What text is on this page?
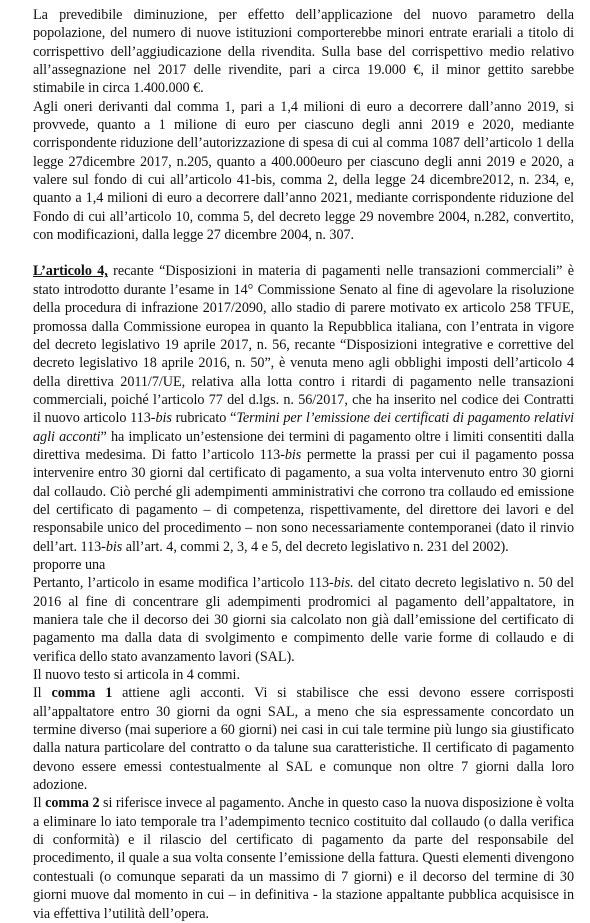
La prevedibile diminuzione, per effetto dell’applicazione del nuovo parametro della popolazione, del numero di nuove istituzioni comporterebbe minori entrate erariali a titolo di corrispettivo dell’aggiudicazione della rivendita. Sulla base del corrispettivo medio relativo all’assegnazione nel 2017 delle rivendite, pari a circa 19.000 €, il minor gettito sarebbe stimabile in circa 1.400.000 €.

Agli oneri derivanti dal comma 1, pari a 1,4 milioni di euro a decorrere dall’anno 2019, si provvede, quanto a 1 milione di euro per ciascuno degli anni 2019 e 2020, mediante corrispondente riduzione dell’autorizzazione di spesa di cui al comma 1087 dell’articolo 1 della legge 27dicembre 2017, n.205, quanto a 400.000euro per ciascuno degli anni 2019 e 2020, a valere sul fondo di cui all’articolo 41-bis, comma 2, della legge 24 dicembre2012, n. 234, e, quanto a 1,4 milioni di euro a decorrere dall’anno 2021, mediante corrispondente riduzione del Fondo di cui all’articolo 10, comma 5, del decreto legge 29 novembre 2004, n.282, convertito, con modificazioni, dalla legge 27 dicembre 2004, n. 307.

L’articolo 4, recante “Disposizioni in materia di pagamenti nelle transazioni commerciali” è stato introdotto durante l’esame in 14° Commissione Senato al fine di agevolare la risoluzione della procedura di infrazione 2017/2090, allo stadio di parere motivato ex articolo 258 TFUE, promossa dalla Commissione europea in quanto la Repubblica italiana, con l’entrata in vigore del decreto legislativo 19 aprile 2017, n. 56, recante “Disposizioni integrative e correttive del decreto legislativo 18 aprile 2016, n. 50”, è venuta meno agli obblighi imposti dell’articolo 4 della direttiva 2011/7/UE, relativa alla lotta contro i ritardi di pagamento nelle transazioni commerciali, poiché l’articolo 77 del d.lgs. n. 56/2017, che ha inserito nel codice dei Contratti il nuovo articolo 113-bis rubricato “Termini per l’emissione dei certificati di pagamento relativi agli acconti” ha implicato un’estensione dei termini di pagamento oltre i limiti consentiti dalla direttiva medesima. Di fatto l’articolo 113-bis permette la prassi per cui il pagamento possa intervenire entro 30 giorni dal certificato di pagamento, a sua volta intervenuto entro 30 giorni dal collaudo. Ciò perché gli adempimenti amministrativi che corrono tra collaudo ed emissione del certificato di pagamento – di competenza, rispettivamente, del direttore dei lavori e del responsabile unico del procedimento – non sono necessariamente contemporanei (dato il rinvio dell’art. 113-bis all’art. 4, commi 2, 3, 4 e 5, del decreto legislativo n. 231 del 2002).

proporre una

Pertanto, l’articolo in esame modifica l’articolo 113-bis. del citato decreto legislativo n. 50 del 2016 al fine di concentrare gli adempimenti prodromici al pagamento dell’appaltatore, in maniera tale che il decorso dei 30 giorni sia calcolato non già dall’emissione del certificato di pagamento ma dalla data di svolgimento e compimento delle varie forme di collaudo e di verifica dello stato avanzamento lavori (SAL).

Il nuovo testo si articola in 4 commi.

Il comma 1 attiene agli acconti. Vi si stabilisce che essi devono essere corrisposti all’appaltatore entro 30 giorni da ogni SAL, a meno che sia espressamente concordato un termine diverso (mai superiore a 60 giorni) nei casi in cui tale termine più lungo sia giustificato dalla natura particolare del contratto o da talune sua caratteristiche. Il certificato di pagamento devono essere emessi contestualmente al SAL e comunque non oltre 7 giorni dalla loro adozione.

Il comma 2 si riferisce invece al pagamento. Anche in questo caso la nuova disposizione è volta a eliminare lo iato temporale tra l’adempimento tecnico costituito dal collaudo (o dalla verifica di conformità) e il rilascio del certificato di pagamento da parte del responsabile del procedimento, il quale a sua volta consente l’emissione della fattura. Questi elementi divengono contestuali (o comunque separati da un massimo di 7 giorni) e il decorso del termine di 30 giorni muove dal momento in cui – in definitiva - la stazione appaltante pubblica acquisisce in via effettiva l’utilità dell’opera.
